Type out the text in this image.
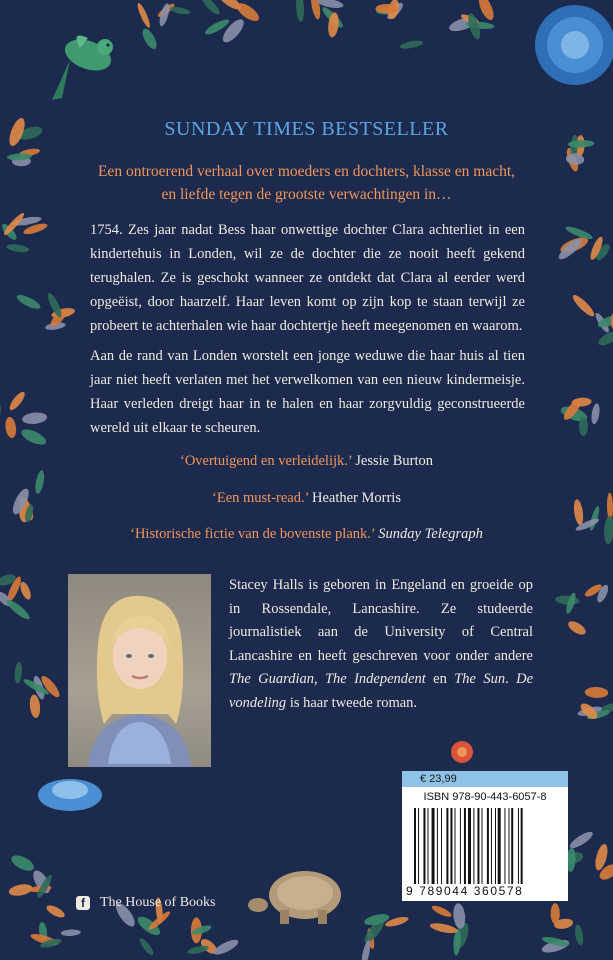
SUNDAY TIMES BESTSELLER
Een ontroerend verhaal over moeders en dochters, klasse en macht,
en liefde tegen de grootste verwachtingen in…
1754. Zes jaar nadat Bess haar onwettige dochter Clara achterliet in een kindertehuis in Londen, wil ze de dochter die ze nooit heeft gekend terughalen. Ze is geschokt wanneer ze ontdekt dat Clara al eerder werd opgeëist, door haarzelf. Haar leven komt op zijn kop te staan terwijl ze probeert te achterhalen wie haar dochtertje heeft meegenomen en waarom.
Aan de rand van Londen worstelt een jonge weduwe die haar huis al tien jaar niet heeft verlaten met het verwelkomen van een nieuw kindermeisje. Haar verleden dreigt haar in te halen en haar zorgvuldig geconstrueerde wereld uit elkaar te scheuren.
‘Overtuigend en verleidelijk.’ Jessie Burton
‘Een must-read.’ Heather Morris
‘Historische fictie van de bovenste plank.’ Sunday Telegraph
Stacey Halls is geboren in Engeland en groeide op in Rossendale, Lancashire. Ze studeerde journalistiek aan de University of Central Lancashire en heeft geschreven voor onder andere The Guardian, The Independent en The Sun. De vondeling is haar tweede roman.
€ 23,99
ISBN 978-90-443-6057-8
9 789044 360578
f	The House of Books
